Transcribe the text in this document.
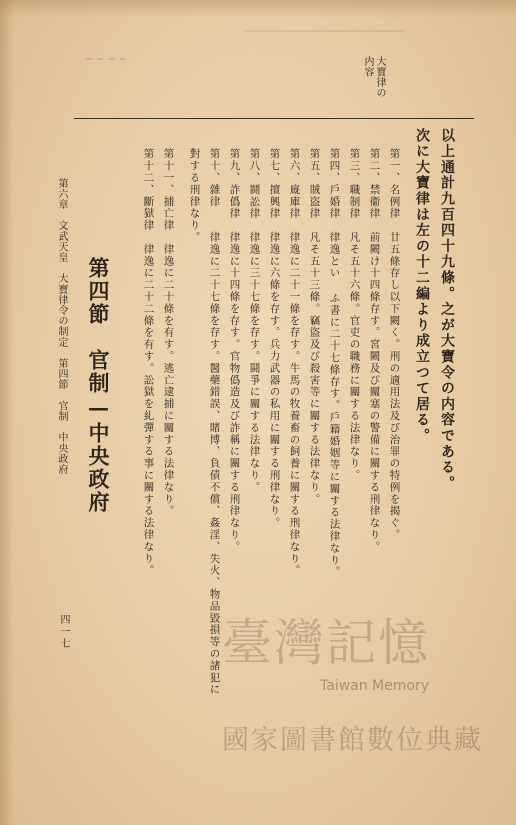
大寶律の
内容
以上通計九百四十九條。之が大寶令の内容である。
次に大寶律は左の十二編より成立つて居る。
第一、名例律　廿五條存し以下闕く。刑の適用法及び治罪の特例を揭ぐ。
第二、禁衞律　前闕け十四條存す。宮闕及び關塞の警備に關する刑律なり。
第三、職制律　凡そ五十六條。官吏の職務に關する法律なり。
第四、戶婚律　律逸とい ふ書に二十七條存す。戶籍婚姻等に關する法律なり。
第五、賊盜律　凡そ五十三條。竊盜及び殺害等に關する法律なり。
第六、廐庫律　律逸に二十一條を存す。牛馬の牧養畜の飼養に關する刑律なり。
第七、擅興律　律逸に六條を存す。兵力武器の私用に關する刑律なり。
第八、鬪訟律　律逸に三十七條を存す。鬪爭に關する法律なり。
第九、詐僞律　律逸に十四條を存す。官物僞造及び詐稱に關する刑律なり。
第十、雜律　　律逸に二十七條を存す。醫藥錯誤、賭博、負債不償、姦淫、失火、物品毀損等の諸犯に
對する刑律なり。
第十一、捕亡律　律逸に二十條を有す。逃亡逮捕に關する法律なり。
第十二、斷獄律　律逸に二十二條を有す。訟獄を糺彈する事に關する法律なり。
第六章　文武天皇　大寶律令の制定　第四節　官制　中央政府 第四節　官制—中央政府
四一七	臺灣記憶
Taiwan Memory
國家圖書館數位典藏
